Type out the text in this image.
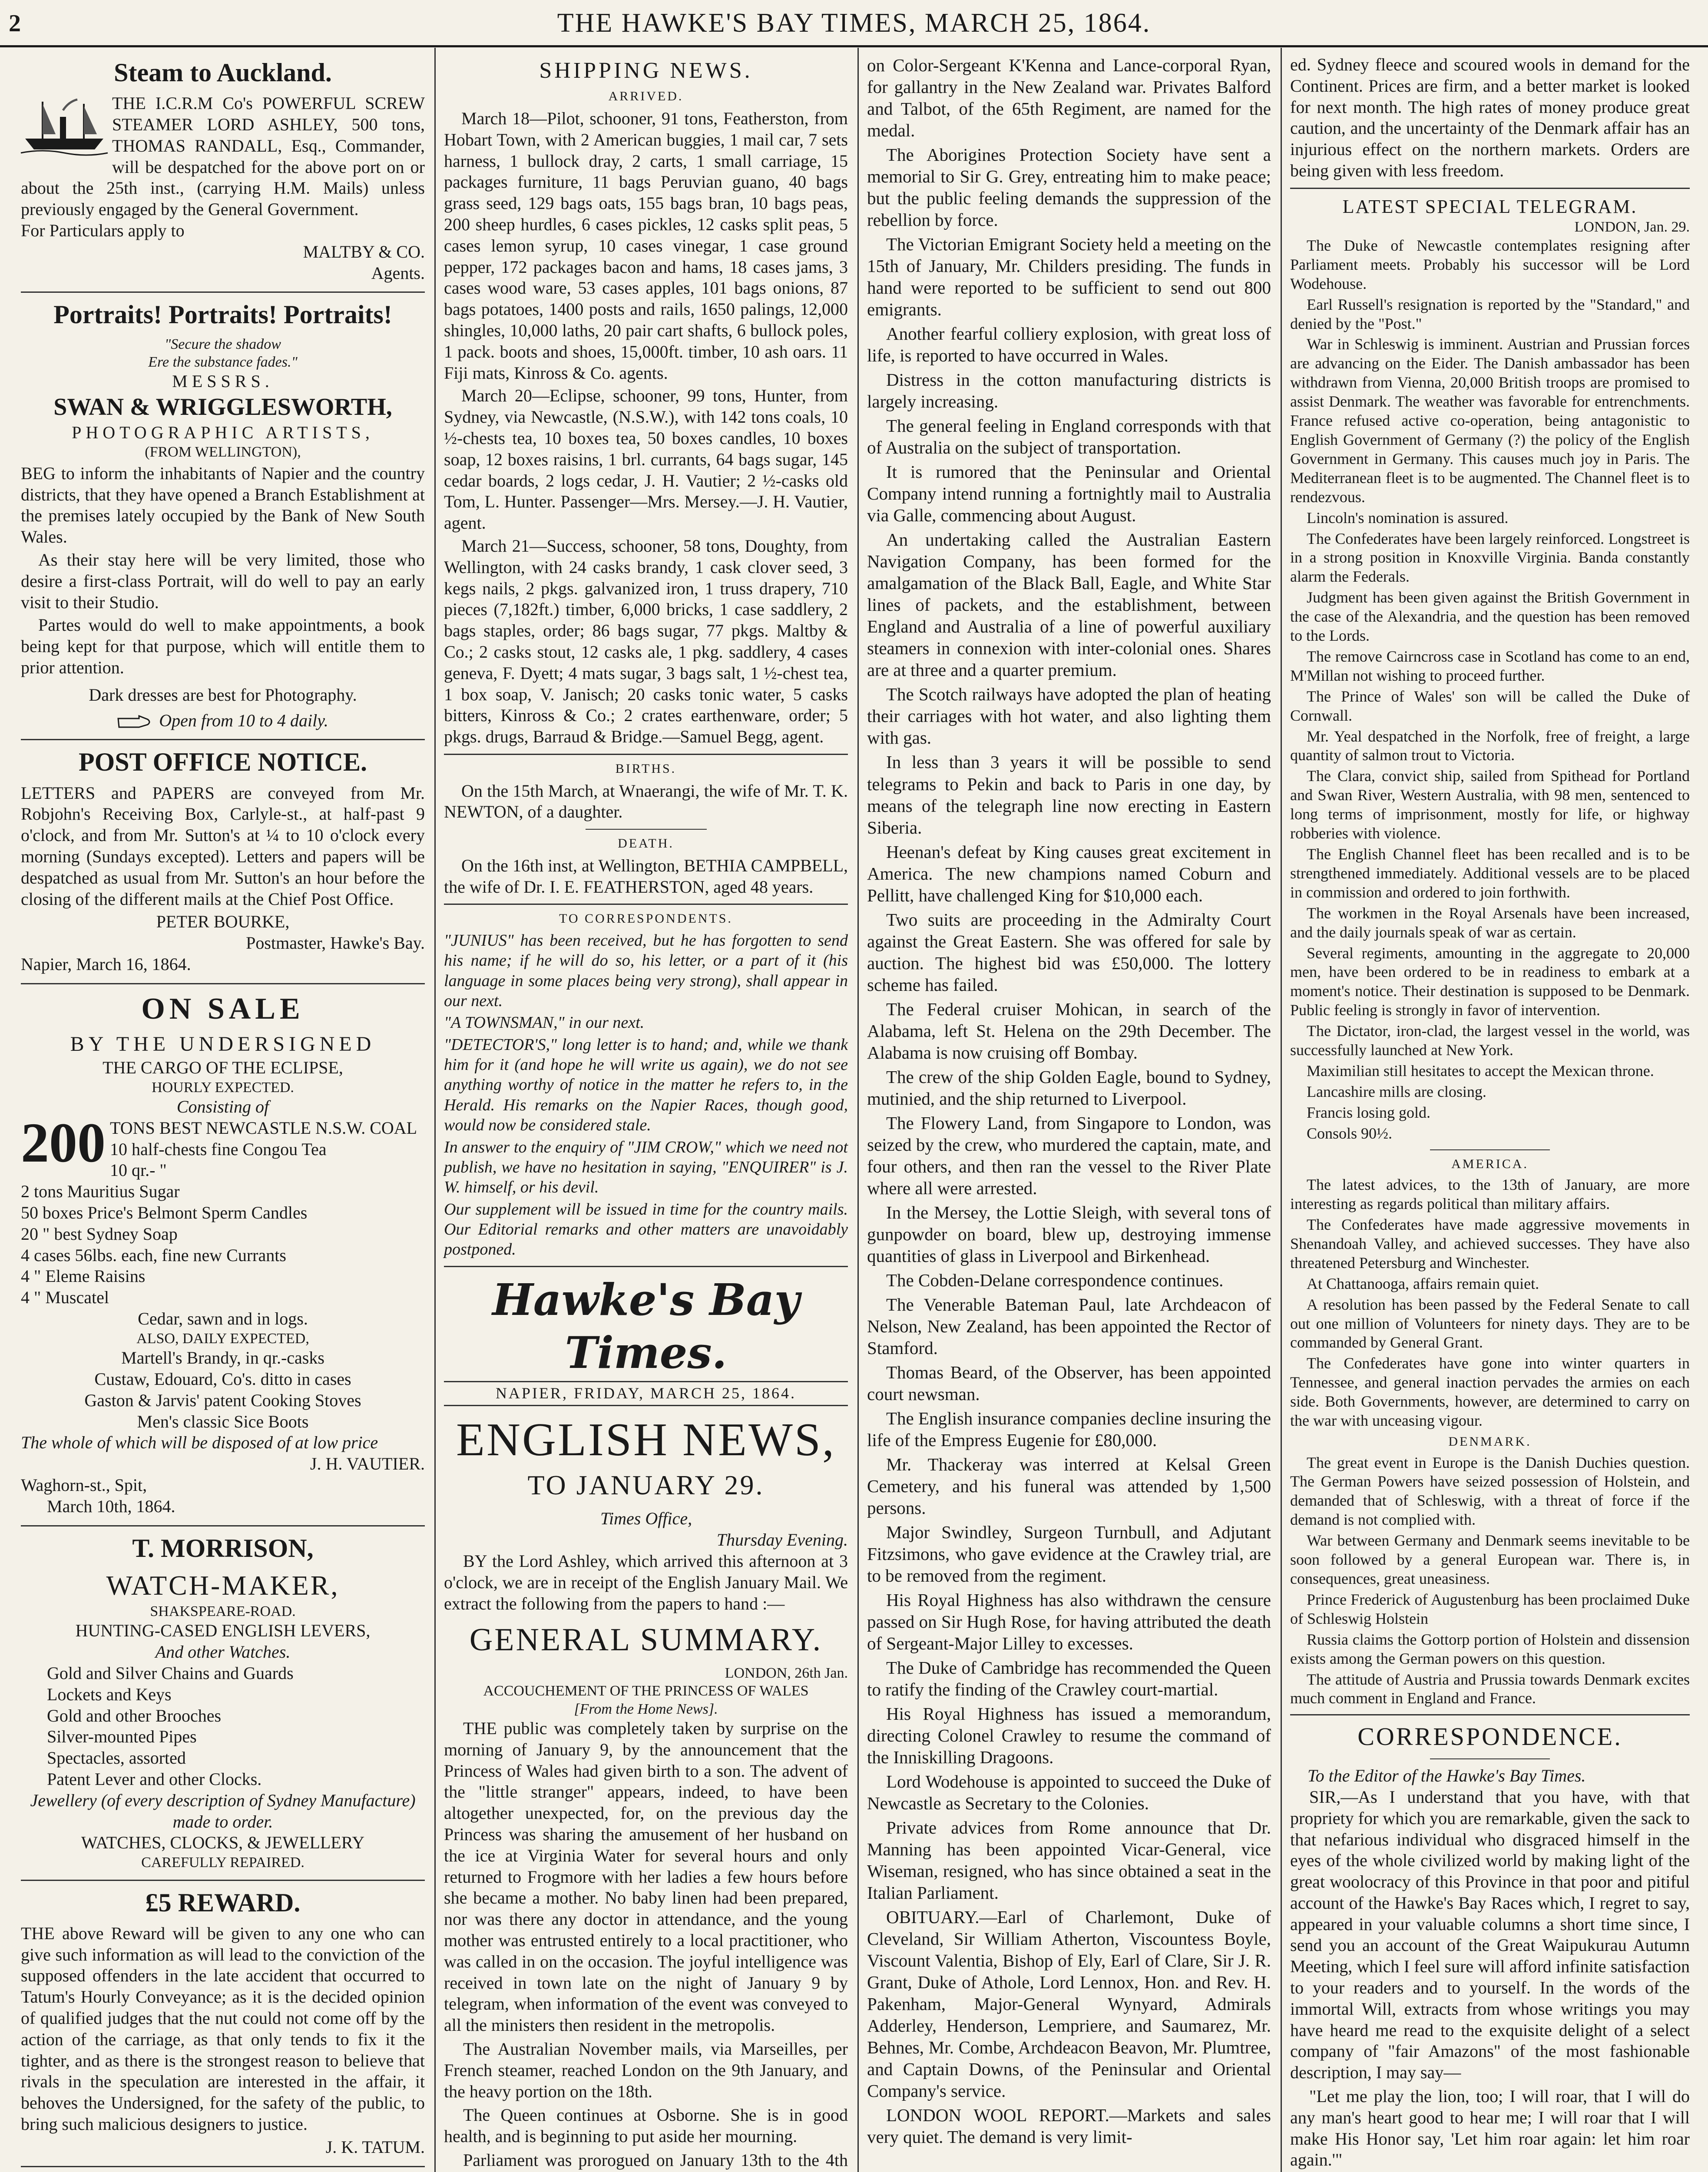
2	THE HAWKE'S BAY TIMES, MARCH 25, 1864.
Steam to Auckland.
THE I.C.R.M Co's POWERFUL SCREW STEAMER LORD ASHLEY, 500 tons, THOMAS RANDALL, Esq., Commander, will be despatched for the above port on or about the 25th inst., (carrying H.M. Mails) unless previously engaged by the General Government.
For Particulars apply to
MALTBY & CO.
Agents.
Portraits! Portraits! Portraits!
"Secure the shadow
Ere the substance fades."
MESSRS.
SWAN & WRIGGLESWORTH,
PHOTOGRAPHIC ARTISTS,
(FROM WELLINGTON),

BEG to inform the inhabitants of Napier and the country districts, that they have opened a Branch Establishment at the premises lately occupied by the Bank of New South Wales.

As their stay here will be very limited, those who desire a first-class Portrait, will do well to pay an early visit to their Studio.

Partes would do well to make appointments, a book being kept for that purpose, which will entitle them to prior attention.

Dark dresses are best for Photography.
Open from 10 to 4 daily.
POST OFFICE NOTICE.

LETTERS and PAPERS are conveyed from Mr. Robjohn's Receiving Box, Carlyle-st., at half-past 9 o'clock, and from Mr. Sutton's at ¼ to 10 o'clock every morning (Sundays excepted). Letters and papers will be despatched as usual from Mr. Sutton's an hour before the closing of the different mails at the Chief Post Office.

PETER BOURKE,
Postmaster, Hawke's Bay.
Napier, March 16, 1864.
ON SALE
BY THE UNDERSIGNED
THE CARGO OF THE ECLIPSE,
HOURLY EXPECTED.
Consisting of
200 TONS BEST NEWCASTLE N.S.W. COAL
10 half-chests fine Congou Tea
10 qr.- "
2 tons Mauritius Sugar
50 boxes Price's Belmont Sperm Candles
20 " best Sydney Soap
4 cases 56lbs. each, fine new Currants
4 " Eleme Raisins
4 " Muscatel
Cedar, sawn and in logs.
ALSO, DAILY EXPECTED,
Martell's Brandy, in qr.-casks
Custaw, Edouard, Co's. ditto in cases
Gaston & Jarvis' patent Cooking Stoves
Men's classic Sice Boots
The whole of which will be disposed of at low price
J. H. VAUTIER.
Waghorn-st., Spit,
March 10th, 1864.
T. MORRISON,
WATCH-MAKER,
SHAKSPEARE-ROAD.
HUNTING-CASED ENGLISH LEVERS,
And other Watches.
Gold and Silver Chains and Guards
Lockets and Keys
Gold and other Brooches
Silver-mounted Pipes
Spectacles, assorted
Patent Lever and other Clocks.
Jewellery (of every description of Sydney Manufacture) made to order.
WATCHES, CLOCKS, & JEWELLERY
CAREFULLY REPAIRED.
£5 REWARD.

THE above Reward will be given to any one who can give such information as will lead to the conviction of the supposed offenders in the late accident that occurred to Tatum's Hourly Conveyance; as it is the decided opinion of qualified judges that the nut could not come off by the action of the carriage, as that only tends to fix it the tighter, and as there is the strongest reason to believe that rivals in the speculation are interested in the affair, it behoves the Undersigned, for the safety of the public, to bring such malicious designers to justice.

J. K. TATUM.

SHIPPING NEWS.
ARRIVED.

March 18—Pilot, schooner, 91 tons, Featherston, from Hobart Town, with 2 American buggies, 1 mail car, 7 sets harness, 1 bullock dray, 2 carts, 1 small carriage, 15 packages furniture, 11 bags Peruvian guano, 40 bags grass seed, 129 bags oats, 155 bags bran, 10 bags peas, 200 sheep hurdles, 6 cases pickles, 12 casks split peas, 5 cases lemon syrup, 10 cases vinegar, 1 case ground pepper, 172 packages bacon and hams, 18 cases jams, 3 cases wood ware, 53 cases apples, 101 bags onions, 87 bags potatoes, 1400 posts and rails, 1650 palings, 12,000 shingles, 10,000 laths, 20 pair cart shafts, 6 bullock poles, 1 pack. boots and shoes, 15,000ft. timber, 10 ash oars. 11 Fiji mats, Kinross & Co. agents.

March 20—Eclipse, schooner, 99 tons, Hunter, from Sydney, via Newcastle, (N.S.W.), with 142 tons coals, 10 ½-chests tea, 10 boxes tea, 50 boxes candles, 10 boxes soap, 12 boxes raisins, 1 brl. currants, 64 bags sugar, 145 cedar boards, 2 logs cedar, J. H. Vautier; 2 ½-casks old Tom, L. Hunter. Passenger—Mrs. Mersey.—J. H. Vautier, agent.

March 21—Success, schooner, 58 tons, Doughty, from Wellington, with 24 casks brandy, 1 cask clover seed, 3 kegs nails, 2 pkgs. galvanized iron, 1 truss drapery, 710 pieces (7,182ft.) timber, 6,000 bricks, 1 case saddlery, 2 bags staples, order; 86 bags sugar, 77 pkgs. Maltby & Co.; 2 casks stout, 12 casks ale, 1 pkg. saddlery, 4 cases geneva, F. Dyett; 4 mats sugar, 3 bags salt, 1 ½-chest tea, 1 box soap, V. Janisch; 20 casks tonic water, 5 casks bitters, Kinross & Co.; 2 crates earthenware, order; 5 pkgs. drugs, Barraud & Bridge.—Samuel Begg, agent.

BIRTHS.

On the 15th March, at Wnaerangi, the wife of Mr. T. K. NEWTON, of a daughter.

DEATH.

On the 16th inst, at Wellington, BETHIA CAMPBELL, the wife of Dr. I. E. FEATHERSTON, aged 48 years.

TO CORRESPONDENTS.

"JUNIUS" has been received, but he has forgotten to send his name; if he will do so, his letter, or a part of it (his language in some places being very strong), shall appear in our next.

"A TOWNSMAN," in our next.

"DETECTOR'S," long letter is to hand; and, while we thank him for it (and hope he will write us again), we do not see anything worthy of notice in the matter he refers to, in the Herald. His remarks on the Napier Races, though good, would now be considered stale.

In answer to the enquiry of "JIM CROW," which we need not publish, we have no hesitation in saying, "ENQUIRER" is J. W. himself, or his devil.

Our supplement will be issued in time for the country mails. Our Editorial remarks and other matters are unavoidably postponed.

Hawke's Bay Times.
NAPIER, FRIDAY, MARCH 25, 1864.
ENGLISH NEWS,
TO JANUARY 29.
Times Office,
Thursday Evening.

BY the Lord Ashley, which arrived this afternoon at 3 o'clock, we are in receipt of the English January Mail. We extract the following from the papers to hand :—

GENERAL SUMMARY.
LONDON, 26th Jan.
ACCOUCHEMENT OF THE PRINCESS OF WALES
[From the Home News].

THE public was completely taken by surprise on the morning of January 9, by the announcement that the Princess of Wales had given birth to a son. The advent of the "little stranger" appears, indeed, to have been altogether unexpected, for, on the previous day the Princess was sharing the amusement of her husband on the ice at Virginia Water for several hours and only returned to Frogmore with her ladies a few hours before she became a mother. No baby linen had been prepared, nor was there any doctor in attendance, and the young mother was entrusted entirely to a local practitioner, who was called in on the occasion. The joyful intelligence was received in town late on the night of January 9 by telegram, when information of the event was conveyed to all the ministers then resident in the metropolis.

The Australian November mails, via Marseilles, per French steamer, reached London on the 9th January, and the heavy portion on the 18th.

The Queen continues at Osborne. She is in good health, and is beginning to put aside her mourning.

Parliament was prorogued on January 13th to the 4th

on Color-Sergeant K'Kenna and Lance-corporal Ryan, for gallantry in the New Zealand war. Privates Balford and Talbot, of the 65th Regiment, are named for the medal.

The Aborigines Protection Society have sent a memorial to Sir G. Grey, entreating him to make peace; but the public feeling demands the suppression of the rebellion by force.

The Victorian Emigrant Society held a meeting on the 15th of January, Mr. Childers presiding. The funds in hand were reported to be sufficient to send out 800 emigrants.

Another fearful colliery explosion, with great loss of life, is reported to have occurred in Wales.

Distress in the cotton manufacturing districts is largely increasing.

The general feeling in England corresponds with that of Australia on the subject of transportation.

It is rumored that the Peninsular and Oriental Company intend running a fortnightly mail to Australia via Galle, commencing about August.

An undertaking called the Australian Eastern Navigation Company, has been formed for the amalgamation of the Black Ball, Eagle, and White Star lines of packets, and the establishment, between England and Australia of a line of powerful auxiliary steamers in connexion with inter-colonial ones. Shares are at three and a quarter premium.

The Scotch railways have adopted the plan of heating their carriages with hot water, and also lighting them with gas.

In less than 3 years it will be possible to send telegrams to Pekin and back to Paris in one day, by means of the telegraph line now erecting in Eastern Siberia.

Heenan's defeat by King causes great excitement in America. The new champions named Coburn and Pellitt, have challenged King for $10,000 each.

Two suits are proceeding in the Admiralty Court against the Great Eastern. She was offered for sale by auction. The highest bid was £50,000. The lottery scheme has failed.

The Federal cruiser Mohican, in search of the Alabama, left St. Helena on the 29th December. The Alabama is now cruising off Bombay.

The crew of the ship Golden Eagle, bound to Sydney, mutinied, and the ship returned to Liverpool.

The Flowery Land, from Singapore to London, was seized by the crew, who murdered the captain, mate, and four others, and then ran the vessel to the River Plate where all were arrested.

In the Mersey, the Lottie Sleigh, with several tons of gunpowder on board, blew up, destroying immense quantities of glass in Liverpool and Birkenhead.

The Cobden-Delane correspondence continues.

The Venerable Bateman Paul, late Archdeacon of Nelson, New Zealand, has been appointed the Rector of Stamford.

Thomas Beard, of the Observer, has been appointed court newsman.

The English insurance companies decline insuring the life of the Empress Eugenie for £80,000.

Mr. Thackeray was interred at Kelsal Green Cemetery, and his funeral was attended by 1,500 persons.

Major Swindley, Surgeon Turnbull, and Adjutant Fitzsimons, who gave evidence at the Crawley trial, are to be removed from the regiment.

His Royal Highness has also withdrawn the censure passed on Sir Hugh Rose, for having attributed the death of Sergeant-Major Lilley to excesses.

The Duke of Cambridge has recommended the Queen to ratify the finding of the Crawley court-martial.

His Royal Highness has issued a memorandum, directing Colonel Crawley to resume the command of the Inniskilling Dragoons.

Lord Wodehouse is appointed to succeed the Duke of Newcastle as Secretary to the Colonies.

Private advices from Rome announce that Dr. Manning has been appointed Vicar-General, vice Wiseman, resigned, who has since obtained a seat in the Italian Parliament.

OBITUARY.—Earl of Charlemont, Duke of Cleveland, Sir William Atherton, Viscountess Boyle, Viscount Valentia, Bishop of Ely, Earl of Clare, Sir J. R. Grant, Duke of Athole, Lord Lennox, Hon. and Rev. H. Pakenham, Major-General Wynyard, Admirals Adderley, Henderson, Lempriere, and Saumarez, Mr. Behnes, Mr. Combe, Archdeacon Beavon, Mr. Plumtree, and Captain Downs, of the Peninsular and Oriental Company's service.

LONDON WOOL REPORT.—Markets and sales very quiet. The demand is very limit-

ed. Sydney fleece and scoured wools in demand for the Continent. Prices are firm, and a better market is looked for next month. The high rates of money produce great caution, and the uncertainty of the Denmark affair has an injurious effect on the northern markets. Orders are being given with less freedom.

LATEST SPECIAL TELEGRAM.
LONDON, Jan. 29.

The Duke of Newcastle contemplates resigning after Parliament meets. Probably his successor will be Lord Wodehouse.

Earl Russell's resignation is reported by the "Standard," and denied by the "Post."

War in Schleswig is imminent. Austrian and Prussian forces are advancing on the Eider. The Danish ambassador has been withdrawn from Vienna, 20,000 British troops are promised to assist Denmark. The weather was favorable for entrenchments. France refused active co-operation, being antagonistic to English Government of Germany (?) the policy of the English Government in Germany. This causes much joy in Paris. The Mediterranean fleet is to be augmented. The Channel fleet is to rendezvous.

Lincoln's nomination is assured.

The Confederates have been largely reinforced. Longstreet is in a strong position in Knoxville Virginia. Banda constantly alarm the Federals.

Judgment has been given against the British Government in the case of the Alexandria, and the question has been removed to the Lords.

The remove Cairncross case in Scotland has come to an end, M'Millan not wishing to proceed further.

The Prince of Wales' son will be called the Duke of Cornwall.

Mr. Yeal despatched in the Norfolk, free of freight, a large quantity of salmon trout to Victoria.

The Clara, convict ship, sailed from Spithead for Portland and Swan River, Western Australia, with 98 men, sentenced to long terms of imprisonment, mostly for life, or highway robberies with violence.

The English Channel fleet has been recalled and is to be strengthened immediately. Additional vessels are to be placed in commission and ordered to join forthwith.

The workmen in the Royal Arsenals have been increased, and the daily journals speak of war as certain.

Several regiments, amounting in the aggregate to 20,000 men, have been ordered to be in readiness to embark at a moment's notice. Their destination is supposed to be Denmark. Public feeling is strongly in favor of intervention.

The Dictator, iron-clad, the largest vessel in the world, was successfully launched at New York.

Maximilian still hesitates to accept the Mexican throne.

Lancashire mills are closing.

Francis losing gold.

Consols 90½.

AMERICA.

The latest advices, to the 13th of January, are more interesting as regards political than military affairs.

The Confederates have made aggressive movements in Shenandoah Valley, and achieved successes. They have also threatened Petersburg and Winchester.

At Chattanooga, affairs remain quiet.

A resolution has been passed by the Federal Senate to call out one million of Volunteers for ninety days. They are to be commanded by General Grant.

The Confederates have gone into winter quarters in Tennessee, and general inaction pervades the armies on each side. Both Governments, however, are determined to carry on the war with unceasing vigour.

DENMARK.

The great event in Europe is the Danish Duchies question. The German Powers have seized possession of Holstein, and demanded that of Schleswig, with a threat of force if the demand is not complied with.

War between Germany and Denmark seems inevitable to be soon followed by a general European war. There is, in consequences, great uneasiness.

Prince Frederick of Augustenburg has been proclaimed Duke of Schleswig Holstein

Russia claims the Gottorp portion of Holstein and dissension exists among the German powers on this question.

The attitude of Austria and Prussia towards Denmark excites much comment in England and France.

CORRESPONDENCE.
To the Editor of the Hawke's Bay Times.

SIR,—As I understand that you have, with that propriety for which you are remarkable, given the sack to that nefarious individual who disgraced himself in the eyes of the whole civilized world by making light of the great woolocracy of this Province in that poor and pitiful account of the Hawke's Bay Races which, I regret to say, appeared in your valuable columns a short time since, I send you an account of the Great Waipukurau Autumn Meeting, which I feel sure will afford infinite satisfaction to your readers and to yourself. In the words of the immortal Will, extracts from whose writings you may have heard me read to the exquisite delight of a select company of "fair Amazons" of the most fashionable description, I may say—

"Let me play the lion, too; I will roar, that I will do any man's heart good to hear me; I will roar that I will make His Honor say, 'Let him roar again: let him roar again.'"
